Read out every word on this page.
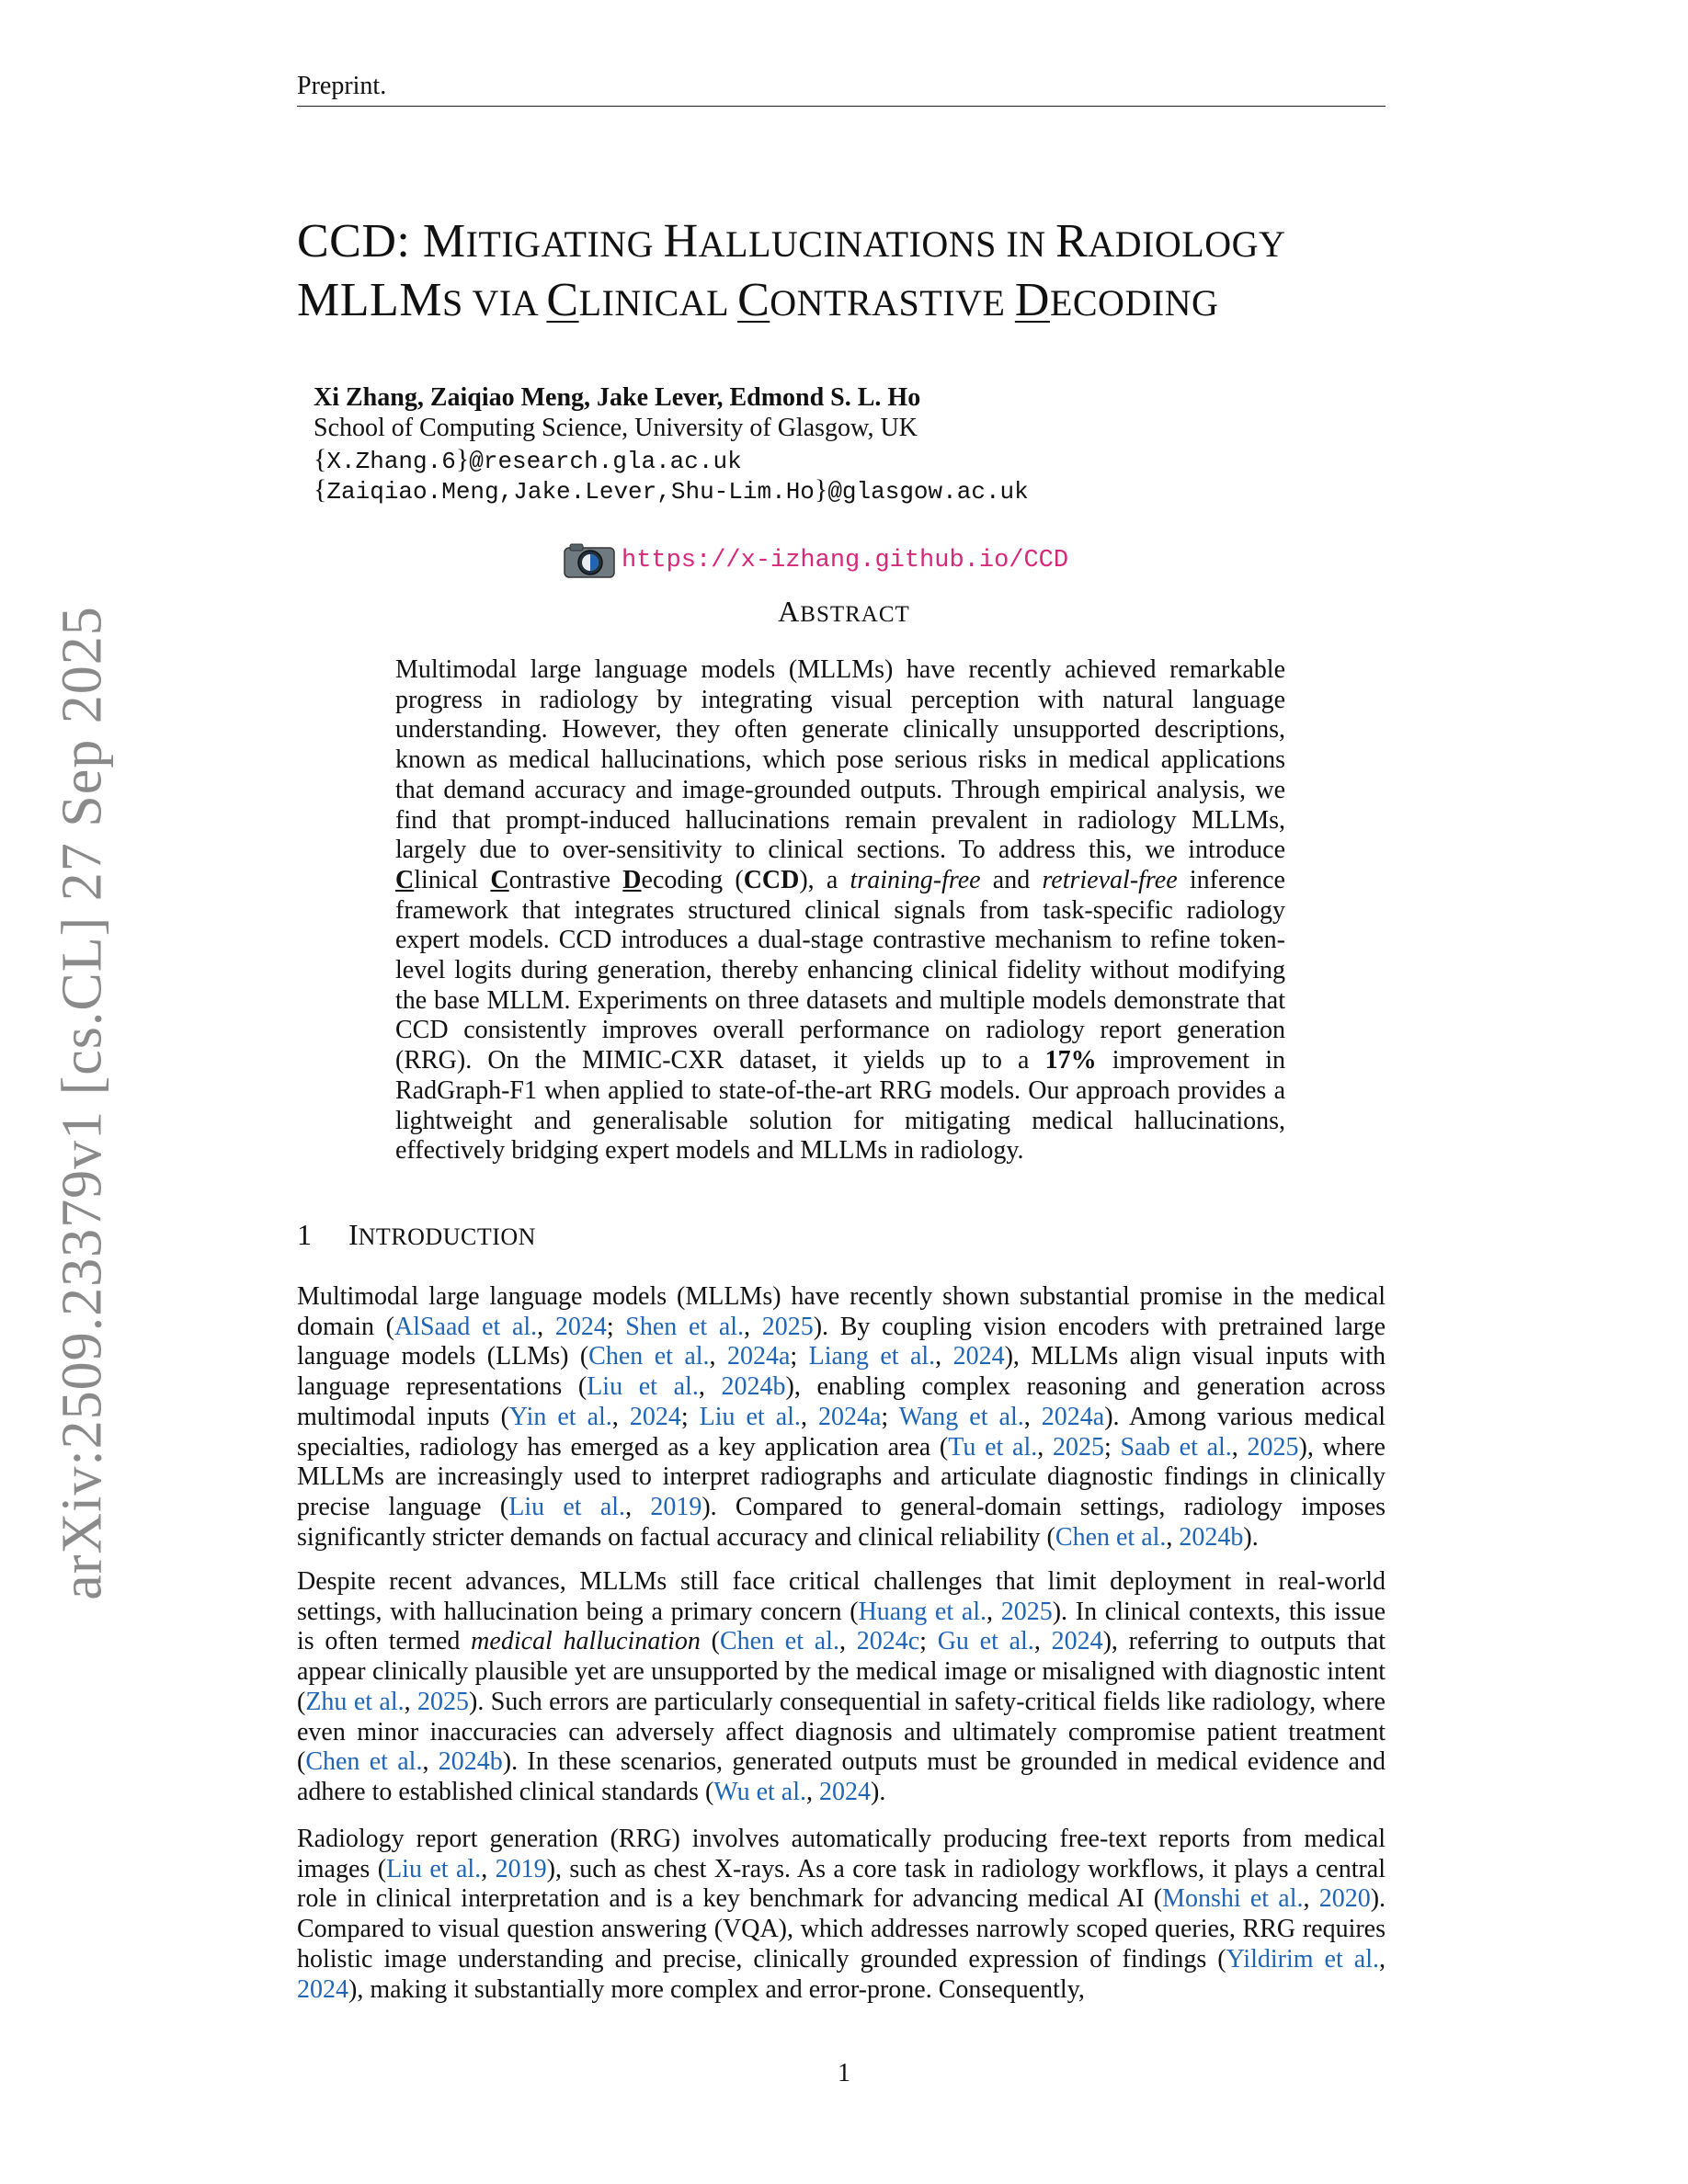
Preprint.
CCD: MITIGATING HALLUCINATIONS IN RADIOLOGY
MLLMS VIA CLINICAL CONTRASTIVE DECODING
Xi Zhang, Zaiqiao Meng, Jake Lever, Edmond S. L. Ho
School of Computing Science, University of Glasgow, UK
{X.Zhang.6}@research.gla.ac.uk
{Zaiqiao.Meng,Jake.Lever,Shu-Lim.Ho}@glasgow.ac.uk
https://x-izhang.github.io/CCD
ABSTRACT
Multimodal large language models (MLLMs) have recently achieved remarkable progress in radiology by integrating visual perception with natural language understanding. However, they often generate clinically unsupported descriptions, known as medical hallucinations, which pose serious risks in medical applications that demand accuracy and image-grounded outputs. Through empirical analysis, we find that prompt-induced hallucinations remain prevalent in radiology MLLMs, largely due to over-sensitivity to clinical sections. To address this, we introduce Clinical Contrastive Decoding (CCD), a training-free and retrieval-free inference framework that integrates structured clinical signals from task-specific radiology expert models. CCD introduces a dual-stage contrastive mechanism to refine token-level logits during generation, thereby enhancing clinical fidelity without modifying the base MLLM. Experiments on three datasets and multiple models demonstrate that CCD consistently improves overall performance on radiology report generation (RRG). On the MIMIC-CXR dataset, it yields up to a 17% improvement in RadGraph-F1 when applied to state-of-the-art RRG models. Our approach provides a lightweight and generalisable solution for mitigating medical hallucinations, effectively bridging expert models and MLLMs in radiology.
1 INTRODUCTION

Multimodal large language models (MLLMs) have recently shown substantial promise in the medical domain (AlSaad et al., 2024; Shen et al., 2025). By coupling vision encoders with pretrained large language models (LLMs) (Chen et al., 2024a; Liang et al., 2024), MLLMs align visual inputs with language representations (Liu et al., 2024b), enabling complex reasoning and generation across multimodal inputs (Yin et al., 2024; Liu et al., 2024a; Wang et al., 2024a). Among various medical specialties, radiology has emerged as a key application area (Tu et al., 2025; Saab et al., 2025), where MLLMs are increasingly used to interpret radiographs and articulate diagnostic findings in clinically precise language (Liu et al., 2019). Compared to general-domain settings, radiology imposes significantly stricter demands on factual accuracy and clinical reliability (Chen et al., 2024b).

Despite recent advances, MLLMs still face critical challenges that limit deployment in real-world settings, with hallucination being a primary concern (Huang et al., 2025). In clinical contexts, this issue is often termed medical hallucination (Chen et al., 2024c; Gu et al., 2024), referring to outputs that appear clinically plausible yet are unsupported by the medical image or misaligned with diagnostic intent (Zhu et al., 2025). Such errors are particularly consequential in safety-critical fields like radiology, where even minor inaccuracies can adversely affect diagnosis and ultimately compromise patient treatment (Chen et al., 2024b). In these scenarios, generated outputs must be grounded in medical evidence and adhere to established clinical standards (Wu et al., 2024).

Radiology report generation (RRG) involves automatically producing free-text reports from medical images (Liu et al., 2019), such as chest X-rays. As a core task in radiology workflows, it plays a central role in clinical interpretation and is a key benchmark for advancing medical AI (Monshi et al., 2020). Compared to visual question answering (VQA), which addresses narrowly scoped queries, RRG requires holistic image understanding and precise, clinically grounded expression of findings (Yildirim et al., 2024), making it substantially more complex and error-prone. Consequently,

1
arXiv:2509.23379v1 [cs.CL] 27 Sep 2025
